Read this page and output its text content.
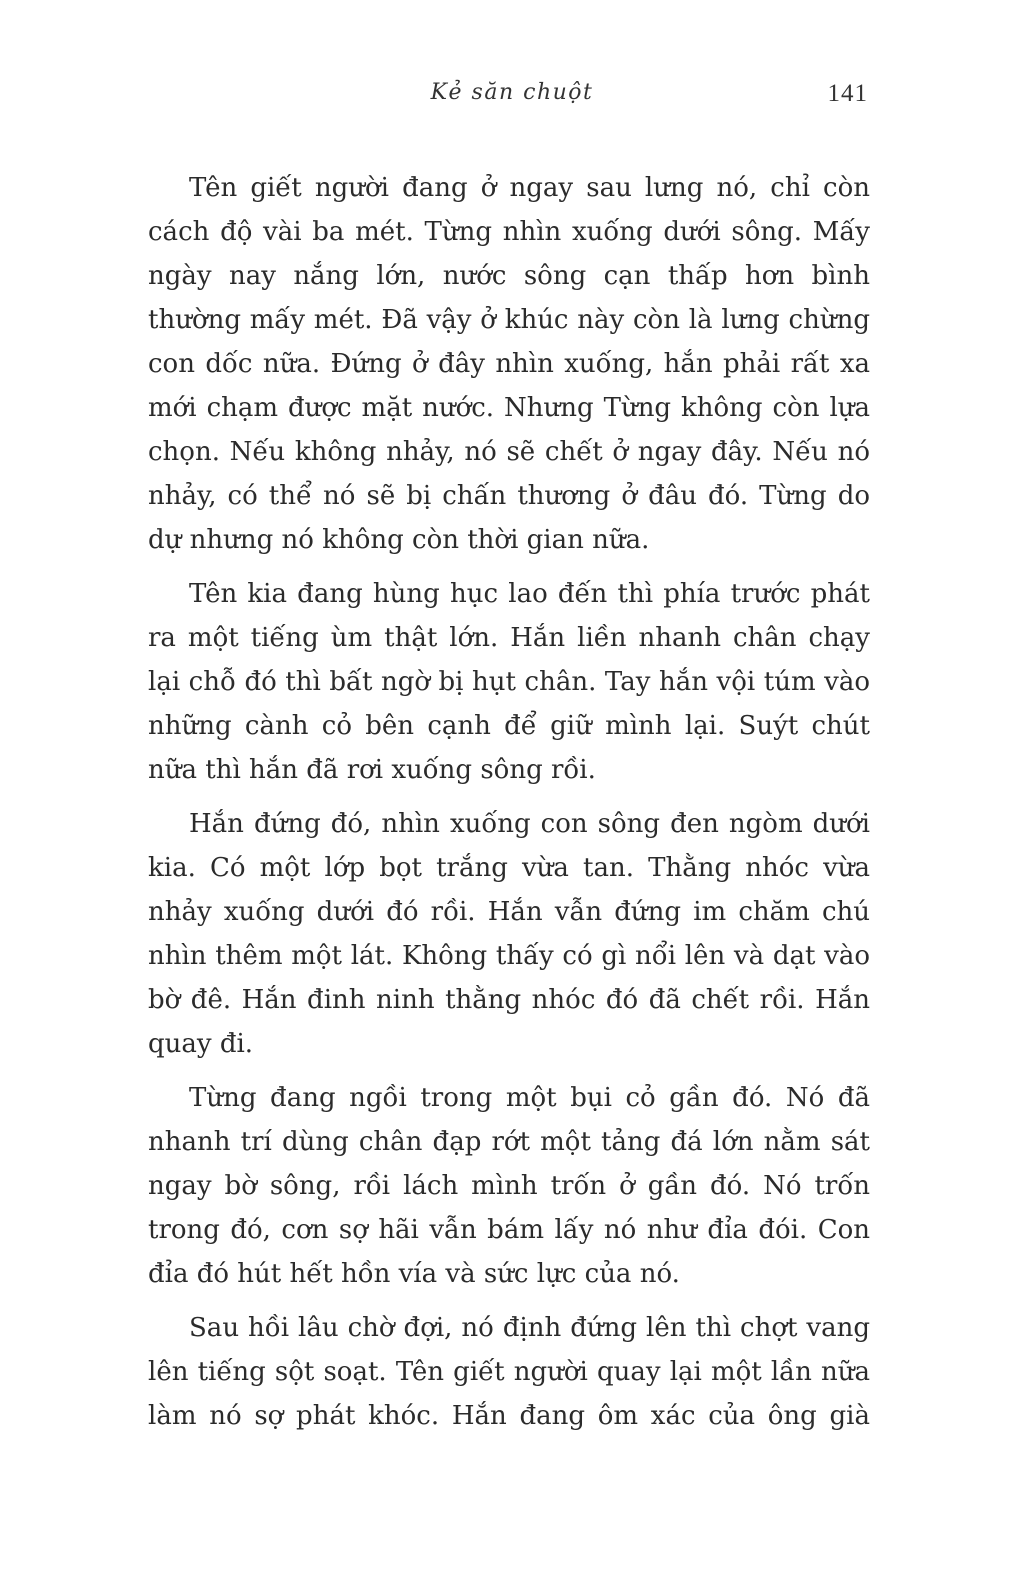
Kẻ săn chuột	141

Tên giết người đang ở ngay sau lưng nó, chỉ còn cách độ vài ba mét. Từng nhìn xuống dưới sông. Mấy ngày nay nắng lớn, nước sông cạn thấp hơn bình thường mấy mét. Đã vậy ở khúc này còn là lưng chừng con dốc nữa. Đứng ở đây nhìn xuống, hắn phải rất xa mới chạm được mặt nước. Nhưng Từng không còn lựa chọn. Nếu không nhảy, nó sẽ chết ở ngay đây. Nếu nó nhảy, có thể nó sẽ bị chấn thương ở đâu đó. Từng do dự nhưng nó không còn thời gian nữa.

Tên kia đang hùng hục lao đến thì phía trước phát ra một tiếng ùm thật lớn. Hắn liền nhanh chân chạy lại chỗ đó thì bất ngờ bị hụt chân. Tay hắn vội túm vào những cành cỏ bên cạnh để giữ mình lại. Suýt chút nữa thì hắn đã rơi xuống sông rồi.

Hắn đứng đó, nhìn xuống con sông đen ngòm dưới kia. Có một lớp bọt trắng vừa tan. Thằng nhóc vừa nhảy xuống dưới đó rồi. Hắn vẫn đứng im chăm chú nhìn thêm một lát. Không thấy có gì nổi lên và dạt vào bờ đê. Hắn đinh ninh thằng nhóc đó đã chết rồi. Hắn quay đi.

Từng đang ngồi trong một bụi cỏ gần đó. Nó đã nhanh trí dùng chân đạp rớt một tảng đá lớn nằm sát ngay bờ sông, rồi lách mình trốn ở gần đó. Nó trốn trong đó, cơn sợ hãi vẫn bám lấy nó như đỉa đói. Con đỉa đó hút hết hồn vía và sức lực của nó.

Sau hồi lâu chờ đợi, nó định đứng lên thì chợt vang lên tiếng sột soạt. Tên giết người quay lại một lần nữa làm nó sợ phát khóc. Hắn đang ôm xác của ông già
